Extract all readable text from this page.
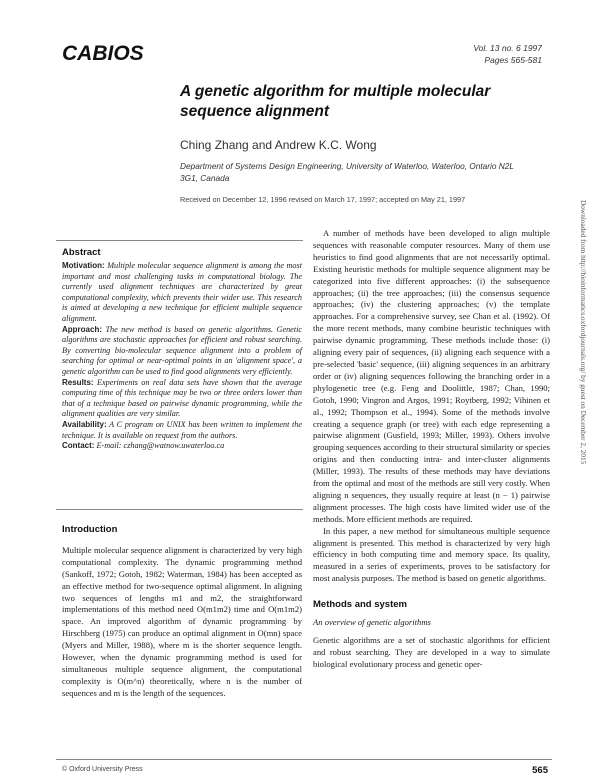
CABIOS	Vol. 13 no. 6 1997
Pages 565-581
A genetic algorithm for multiple molecular sequence alignment
Ching Zhang and Andrew K.C. Wong
Department of Systems Design Engineering, University of Waterloo, Waterloo, Ontario N2L 3G1, Canada
Received on December 12, 1996 revised on March 17, 1997; accepted on May 21, 1997
Abstract

Motivation: Multiple molecular sequence alignment is among the most important and most challenging tasks in computational biology. The currently used alignment techniques are characterized by great computational complexity, which prevents their wider use. This research is aimed at developing a new technique for efficient multiple sequence alignment.

Approach: The new method is based on genetic algorithms. Genetic algorithms are stochastic approaches for efficient and robust searching. By converting bio-molecular sequence alignment into a problem of searching for optimal or near-optimal points in an 'alignment space', a genetic algorithm can be used to find good alignments very efficiently.

Results: Experiments on real data sets have shown that the average computing time of this technique may be two or three orders lower than that of a technique based on pairwise dynamic programming, while the alignment qualities are very similar.

Availability: A C program on UNIX has been written to implement the technique. It is available on request from the authors.

Contact: E-mail: czhang@watnow.uwaterloo.ca

Introduction

Multiple molecular sequence alignment is characterized by very high computational complexity. The dynamic programming method (Sankoff, 1972; Gotoh, 1982; Waterman, 1984) has been accepted as an effective method for two-sequence optimal alignment. In aligning two sequences of lengths m1 and m2, the straightforward implementations of this method need O(m1m2) time and O(m1m2) space. An improved algorithm of dynamic programming by Hirschberg (1975) can produce an optimal alignment in O(mn) space (Myers and Miller, 1988), where m is the shorter sequence length. However, when the dynamic programming method is used for simultaneous multiple sequence alignment, the computational complexity is O(m^n) theoretically, where n is the number of sequences and m is the length of the sequences.

A number of methods have been developed to align multiple sequences with reasonable computer resources. Many of them use heuristics to find good alignments that are not necessarily optimal. Existing heuristic methods for multiple sequence alignment may be categorized into five different approaches: (i) the subsequence approaches; (ii) the tree approaches; (iii) the consensus sequence approaches; (iv) the clustering approaches; (v) the template approaches. For a comprehensive survey, see Chan et al. (1992). Of the more recent methods, many combine heuristic techniques with pairwise dynamic programming. These methods include those: (i) aligning every pair of sequences, (ii) aligning each sequence with a pre-selected 'basic' sequence, (iii) aligning sequences in an arbitrary order or (iv) aligning sequences following the branching order in a phylogenetic tree (e.g. Feng and Doolittle, 1987; Chan, 1990; Gotoh, 1990; Vingron and Argos, 1991; Roytberg, 1992; Vihinen et al., 1992; Thompson et al., 1994). Some of the methods involve creating a sequence graph (or tree) with each edge representing a pairwise alignment (Gusfield, 1993; Miller, 1993). Others involve grouping sequences according to their structural similarity or species origins and then conducting intra- and inter-cluster alignments (Miller, 1993). The results of these methods may have deviations from the optimal and most of the methods are still very costly. When aligning n sequences, they usually require at least (n − 1) pairwise alignment processes. The high costs have limited wider use of the methods. More efficient methods are required.

In this paper, a new method for simultaneous multiple sequence alignment is presented. This method is characterized by very high efficiency in both computing time and memory space. Its quality, measured in a series of experiments, proves to be satisfactory for most analysis purposes. The method is based on genetic algorithms.

Methods and system
An overview of genetic algorithms

Genetic algorithms are a set of stochastic algorithms for efficient and robust searching. They are developed in a way to simulate biological evolutionary process and genetic oper-

Downloaded from http://bioinformatics.oxfordjournals.org/ by guest on December 2, 2015
© Oxford University Press	565
